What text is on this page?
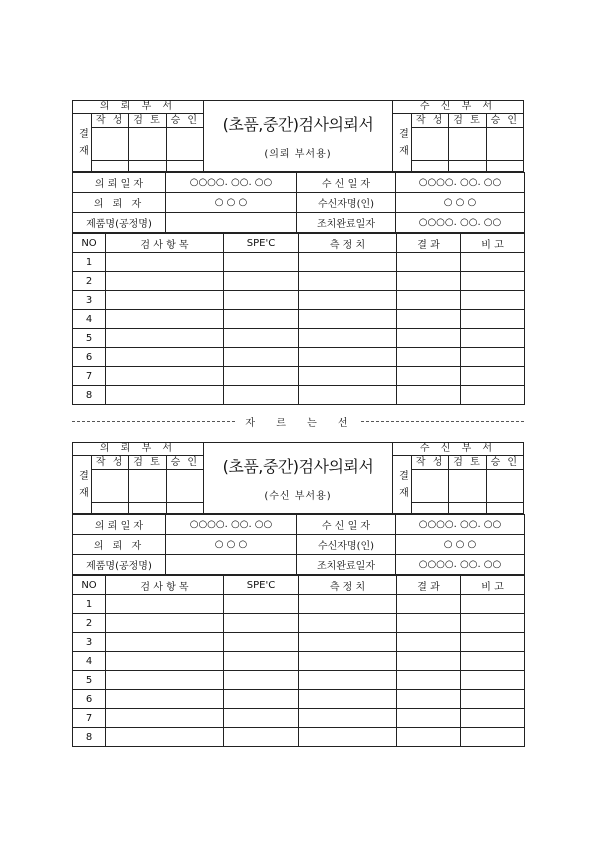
의 뢰 부 서
결 재
작 성 검 토 승 인 (초품,중간)검사의뢰서
(의뢰 부서용)
수 신 부 서
결 재
작 성 검 토 승 인
의 뢰 일 자	○○○○. ○○. ○○	수 신 일 자	○○○○. ○○. ○○
의 뢰 자	○ ○ ○	수신자명(인)	○ ○ ○
제품명(공정명)		조치완료일자	○○○○. ○○. ○○
NO	검 사 항 목	SPE'C	측 정 치	결 과	비 고
1					
2					
3					
4					
5					
6					
7					
8					
자 르 는 선
의 뢰 부 서
결 재
작 성 검 토 승 인 (초품,중간)검사의뢰서
(수신 부서용)
수 신 부 서
결 재
작 성 검 토 승 인
의 뢰 일 자	○○○○. ○○. ○○	수 신 일 자	○○○○. ○○. ○○
의 뢰 자	○ ○ ○	수신자명(인)	○ ○ ○
제품명(공정명)		조치완료일자	○○○○. ○○. ○○
NO	검 사 항 목	SPE'C	측 정 치	결 과	비 고
1					
2					
3					
4					
5					
6					
7					
8					
